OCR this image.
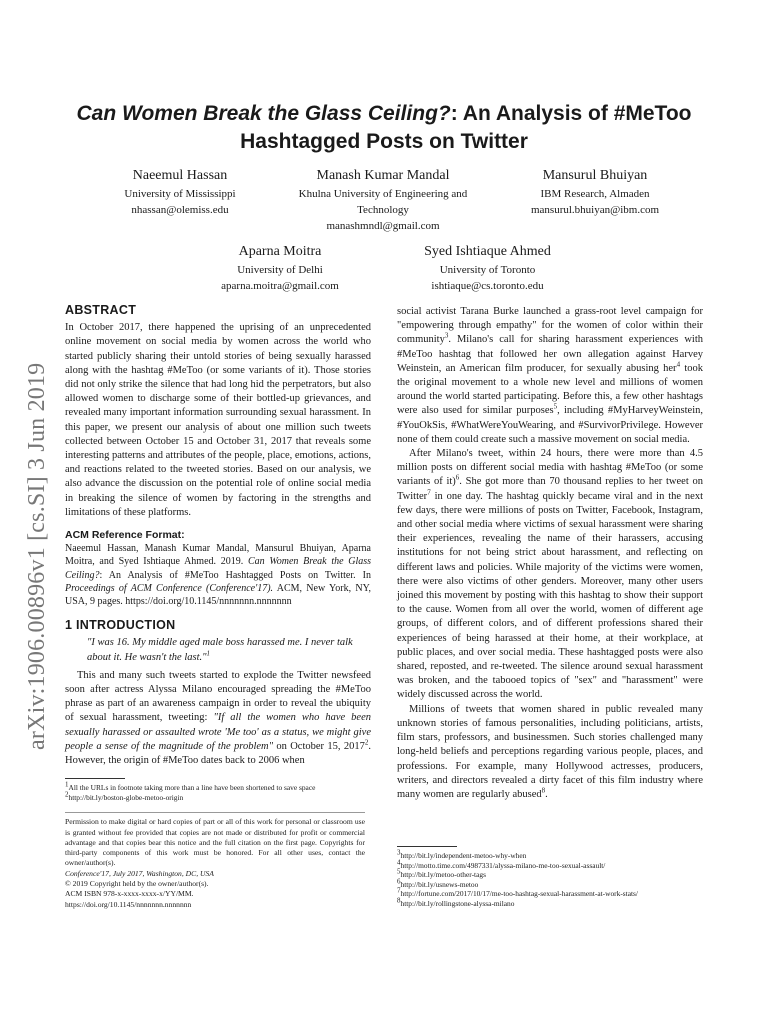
arXiv:1906.00896v1 [cs.SI] 3 Jun 2019
Can Women Break the Glass Ceiling?: An Analysis of #MeToo
Hashtagged Posts on Twitter
Naeemul Hassan
University of Mississippi
nhassan@olemiss.edu
Manash Kumar Mandal
Khulna University of Engineering and
Technology
manashmndl@gmail.com
Mansurul Bhuiyan
IBM Research, Almaden
mansurul.bhuiyan@ibm.com
Aparna Moitra
University of Delhi
aparna.moitra@gmail.com
Syed Ishtiaque Ahmed
University of Toronto
ishtiaque@cs.toronto.edu
ABSTRACT

In October 2017, there happened the uprising of an unprecedented online movement on social media by women across the world who started publicly sharing their untold stories of being sexually harassed along with the hashtag #MeToo (or some variants of it). Those stories did not only strike the silence that had long hid the perpetrators, but also allowed women to discharge some of their bottled-up grievances, and revealed many important information surrounding sexual harassment. In this paper, we present our analysis of about one million such tweets collected between October 15 and October 31, 2017 that reveals some interesting patterns and attributes of the people, place, emotions, actions, and reactions related to the tweeted stories. Based on our analysis, we also advance the discussion on the potential role of online social media in breaking the silence of women by factoring in the strengths and limitations of these platforms.

ACM Reference Format:

Naeemul Hassan, Manash Kumar Mandal, Mansurul Bhuiyan, Aparna Moitra, and Syed Ishtiaque Ahmed. 2019. Can Women Break the Glass Ceiling?: An Analysis of #MeToo Hashtagged Posts on Twitter. In Proceedings of ACM Conference (Conference'17). ACM, New York, NY, USA, 9 pages. https://doi.org/10.1145/nnnnnnn.nnnnnnn

1 INTRODUCTION

"I was 16. My middle aged male boss harassed me. I never talk about it. He wasn't the last."$^1$

This and many such tweets started to explode the Twitter newsfeed soon after actress Alyssa Milano encouraged spreading the #MeToo phrase as part of an awareness campaign in order to reveal the ubiquity of sexual harassment, tweeting: "If all the women who have been sexually harassed or assaulted wrote 'Me too' as a status, we might give people a sense of the magnitude of the problem" on October 15, 2017$^2$. However, the origin of #MeToo dates back to 2006 when

$^1$All the URLs in footnote taking more than a line have been shortened to save space
$^2$http://bit.ly/boston-globe-metoo-origin

Permission to make digital or hard copies of part or all of this work for personal or classroom use is granted without fee provided that copies are not made or distributed for profit or commercial advantage and that copies bear this notice and the full citation on the first page. Copyrights for third-party components of this work must be honored. For all other uses, contact the owner/author(s).

Conference'17, July 2017, Washington, DC, USA
© 2019 Copyright held by the owner/author(s).
ACM ISBN 978-x-xxxx-xxxx-x/YY/MM.
https://doi.org/10.1145/nnnnnnn.nnnnnnn

social activist Tarana Burke launched a grass-root level campaign for "empowering through empathy" for the women of color within their community$^3$. Milano's call for sharing harassment experiences with #MeToo hashtag that followed her own allegation against Harvey Weinstein, an American film producer, for sexually abusing her$^4$ took the original movement to a whole new level and millions of women around the world started participating. Before this, a few other hashtags were also used for similar purposes$^5$, including #MyHarveyWeinstein, #YouOkSis, #WhatWereYouWearing, and #SurvivorPrivilege. However none of them could create such a massive movement on social media.

After Milano's tweet, within 24 hours, there were more than 4.5 million posts on different social media with hashtag #MeToo (or some variants of it)$^6$. She got more than 70 thousand replies to her tweet on Twitter$^7$ in one day. The hashtag quickly became viral and in the next few days, there were millions of posts on Twitter, Facebook, Instagram, and other social media where victims of sexual harassment were sharing their experiences, revealing the name of their harassers, accusing institutions for not being strict about harassment, and reflecting on different laws and policies. While majority of the victims were women, there were also victims of other genders. Moreover, many other users joined this movement by posting with this hashtag to show their support to the cause. Women from all over the world, women of different age groups, of different colors, and of different professions shared their experiences of being harassed at their home, at their workplace, at public places, and over social media. These hashtagged posts were also shared, reposted, and re-tweeted. The silence around sexual harassment was broken, and the tabooed topics of "sex" and "harassment" were widely discussed across the world.

Millions of tweets that women shared in public revealed many unknown stories of famous personalities, including politicians, artists, film stars, professors, and businessmen. Such stories challenged many long-held beliefs and perceptions regarding various people, places, and professions. For example, many Hollywood actresses, producers, writers, and directors revealed a dirty facet of this film industry where many women are regularly abused$^8$.

$^3$http://bit.ly/independent-metoo-why-when
$^4$http://motto.time.com/4987331/alyssa-milano-me-too-sexual-assault/
$^5$http://bit.ly/metoo-other-tags
$^6$http://bit.ly/usnews-metoo
$^7$http://fortune.com/2017/10/17/me-too-hashtag-sexual-harassment-at-work-stats/
$^8$http://bit.ly/rollingstone-alyssa-milano
